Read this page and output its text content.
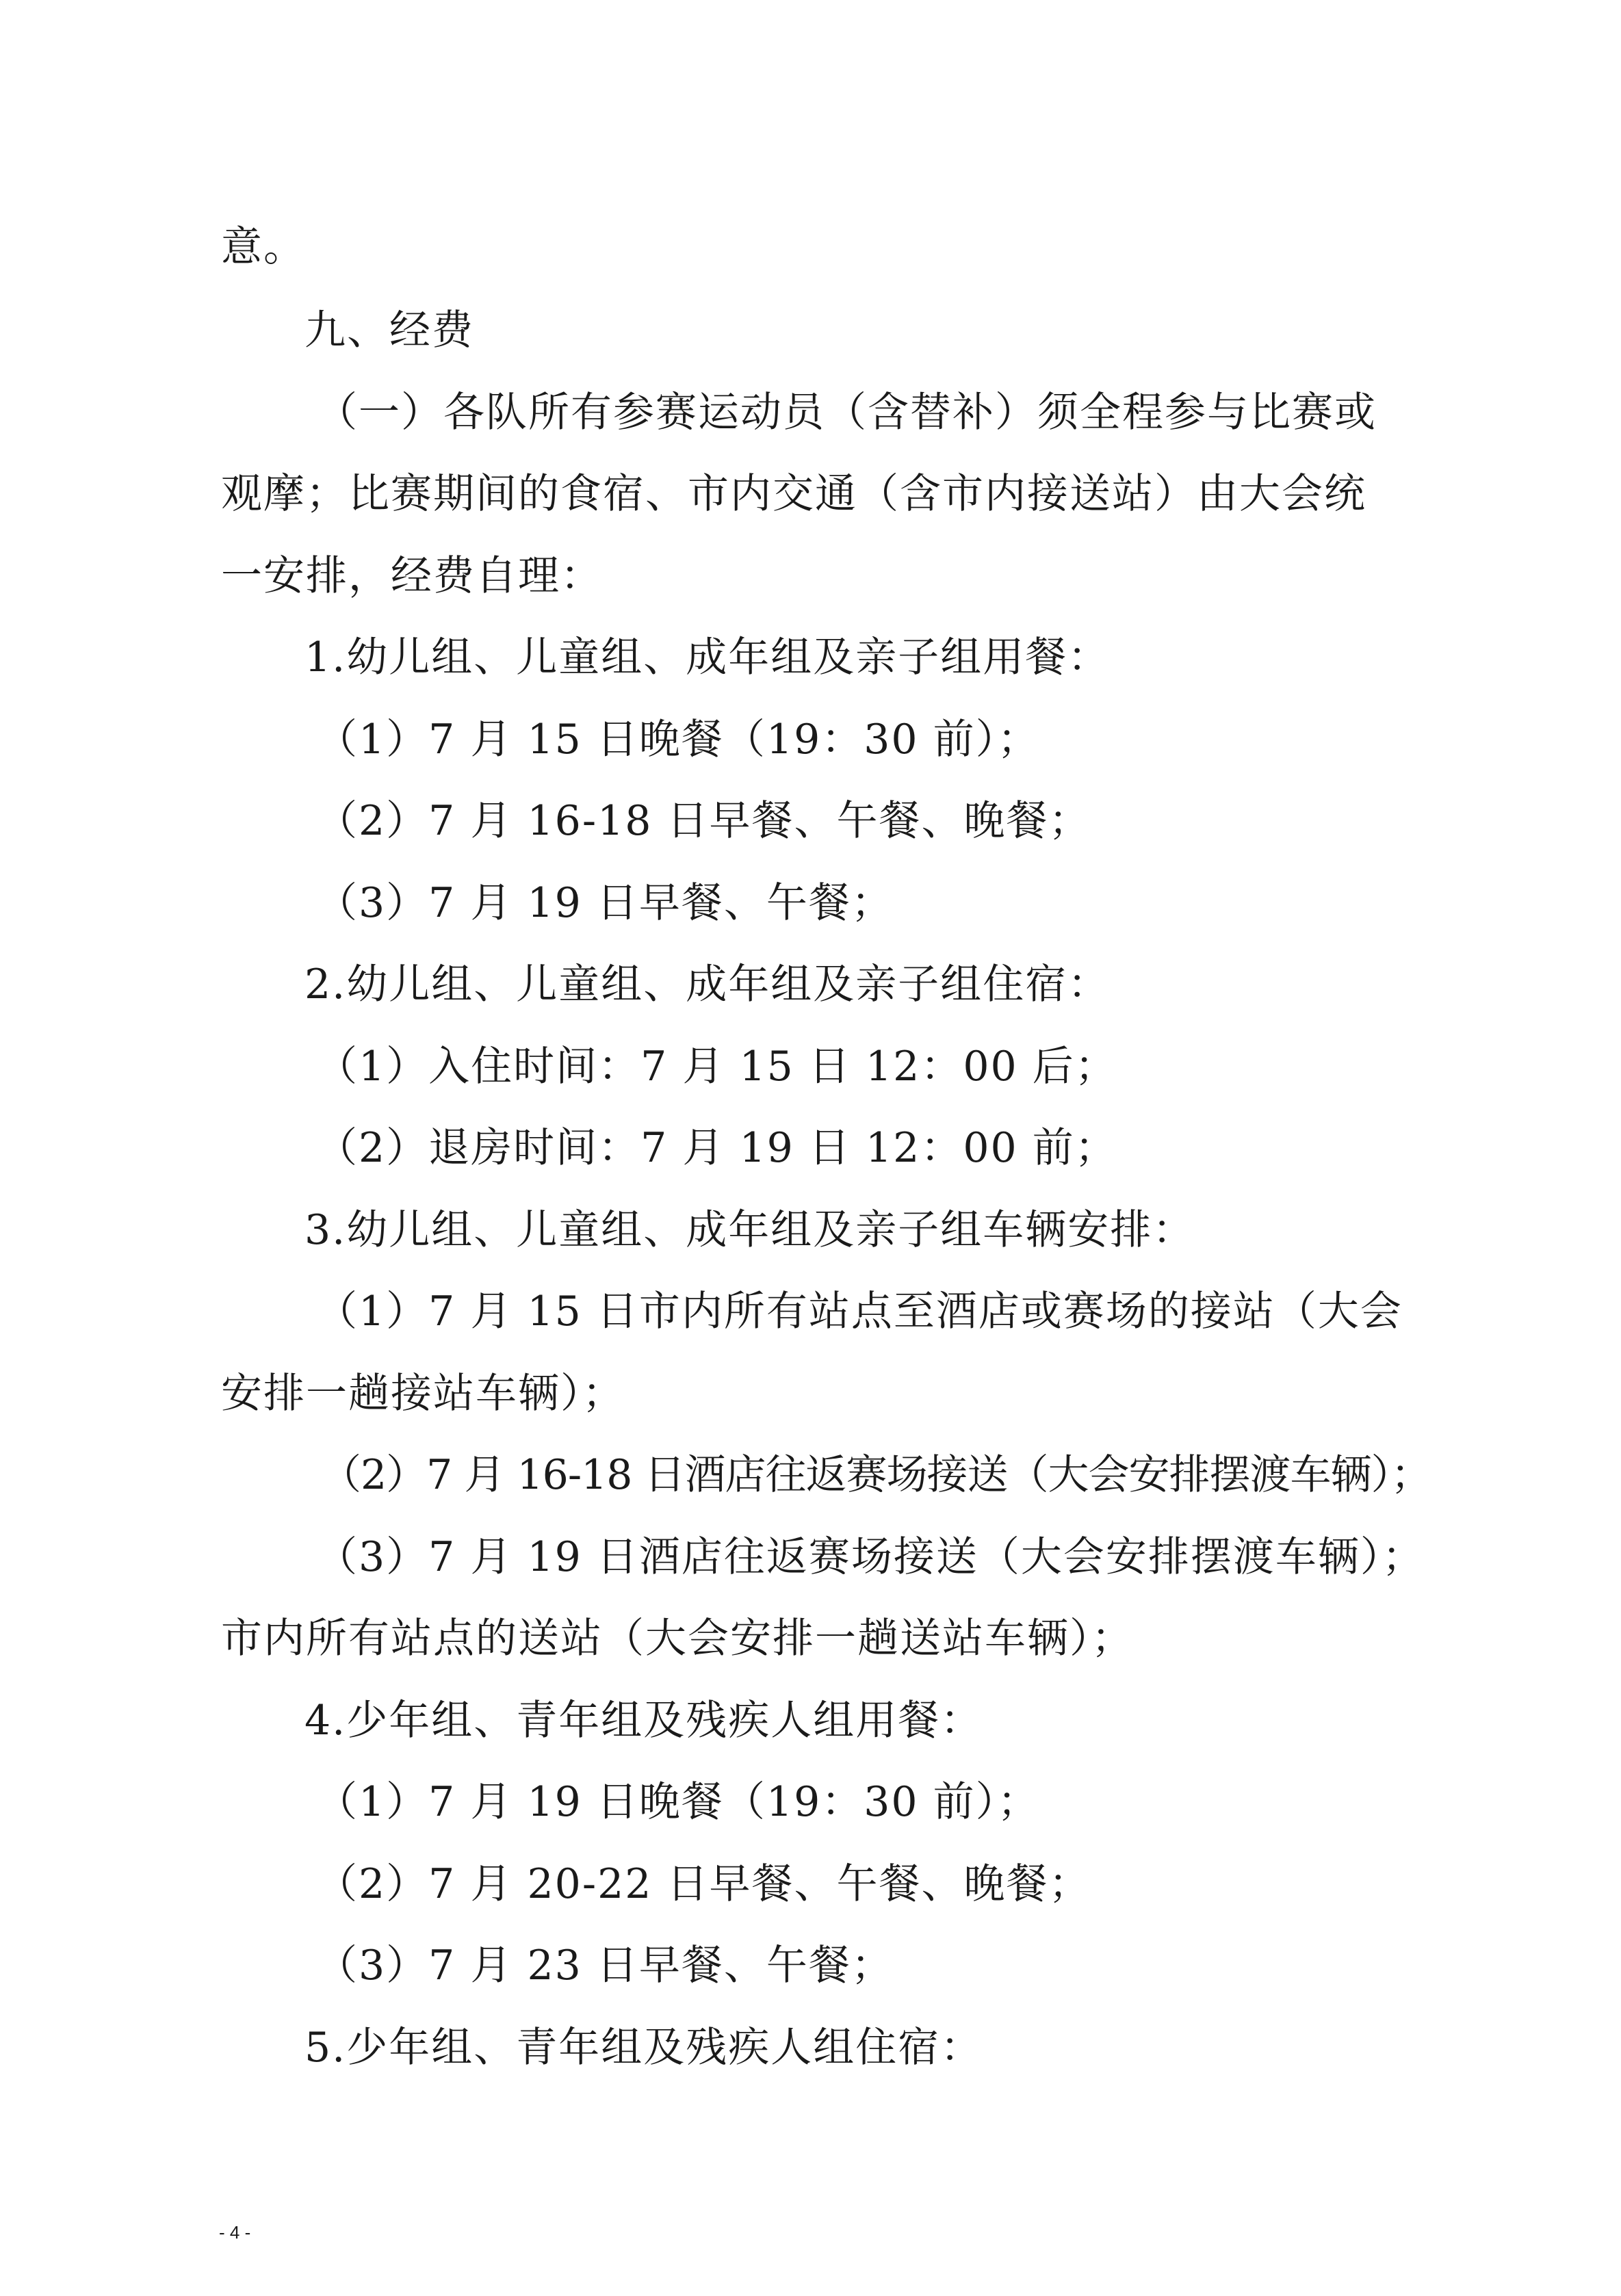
意。
九、经费
（一）各队所有参赛运动员（含替补）须全程参与比赛或
观摩；比赛期间的食宿、市内交通（含市内接送站）由大会统
一安排，经费自理：
1.幼儿组、儿童组、成年组及亲子组用餐：
（1）7 月 15 日晚餐（19：30 前）；
（2）7 月 16-18 日早餐、午餐、晚餐；
（3）7 月 19 日早餐、午餐；
2.幼儿组、儿童组、成年组及亲子组住宿：
（1）入住时间：7 月 15 日 12：00 后；
（2）退房时间：7 月 19 日 12：00 前；
3.幼儿组、儿童组、成年组及亲子组车辆安排：
（1）7 月 15 日市内所有站点至酒店或赛场的接站（大会
安排一趟接站车辆）；
（2）7 月 16-18 日酒店往返赛场接送（大会安排摆渡车辆）；
（3）7 月 19 日酒店往返赛场接送（大会安排摆渡车辆）；
市内所有站点的送站（大会安排一趟送站车辆）；
4.少年组、青年组及残疾人组用餐：
（1）7 月 19 日晚餐（19：30 前）；
（2）7 月 20-22 日早餐、午餐、晚餐；
（3）7 月 23 日早餐、午餐；
5.少年组、青年组及残疾人组住宿：
- 4 -
